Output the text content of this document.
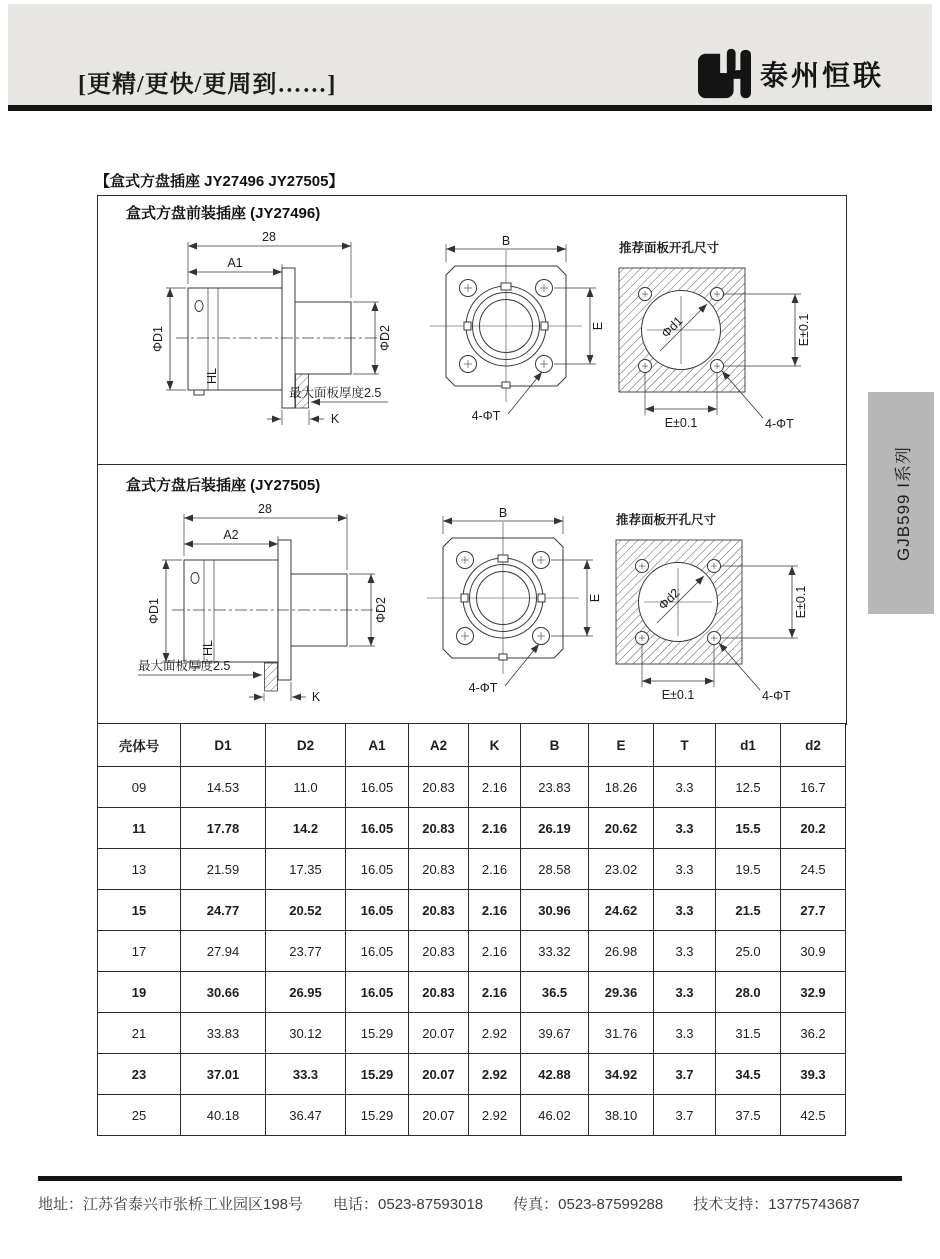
[更精/更快/更周到……]	泰州恒联
【盒式方盘插座 JY27496 JY27505】
盒式方盘前装插座 (JY27496)
HL
28
A1
ΦD1	ΦD2
K
最大面板厚度2.5
B
E
4-ΦT
推荐面板开孔尺寸
Φd1	E±0.1
E±0.1	4-ΦT
盒式方盘后装插座 (JY27505)
HL
28
A2
ΦD1	ΦD2
K
最大面板厚度2.5
B
E
4-ΦT
推荐面板开孔尺寸
Φd2	E±0.1
E±0.1	4-ΦT
壳体号	D1	D2	A1	A2	K	B	E	T	d1	d2
09	14.53	11.0	16.05	20.83	2.16	23.83	18.26	3.3	12.5	16.7
11	17.78	14.2	16.05	20.83	2.16	26.19	20.62	3.3	15.5	20.2
13	21.59	17.35	16.05	20.83	2.16	28.58	23.02	3.3	19.5	24.5
15	24.77	20.52	16.05	20.83	2.16	30.96	24.62	3.3	21.5	27.7
17	27.94	23.77	16.05	20.83	2.16	33.32	26.98	3.3	25.0	30.9
19	30.66	26.95	16.05	20.83	2.16	36.5	29.36	3.3	28.0	32.9
21	33.83	30.12	15.29	20.07	2.92	39.67	31.76	3.3	31.5	36.2
23	37.01	33.3	15.29	20.07	2.92	42.88	34.92	3.7	34.5	39.3
25	40.18	36.47	15.29	20.07	2.92	46.02	38.10	3.7	37.5	42.5
GJB599 I系列
地址：江苏省泰兴市张桥工业园区198号 电话：0523-87593018 传真：0523-87599288 技术支持：13775743687
